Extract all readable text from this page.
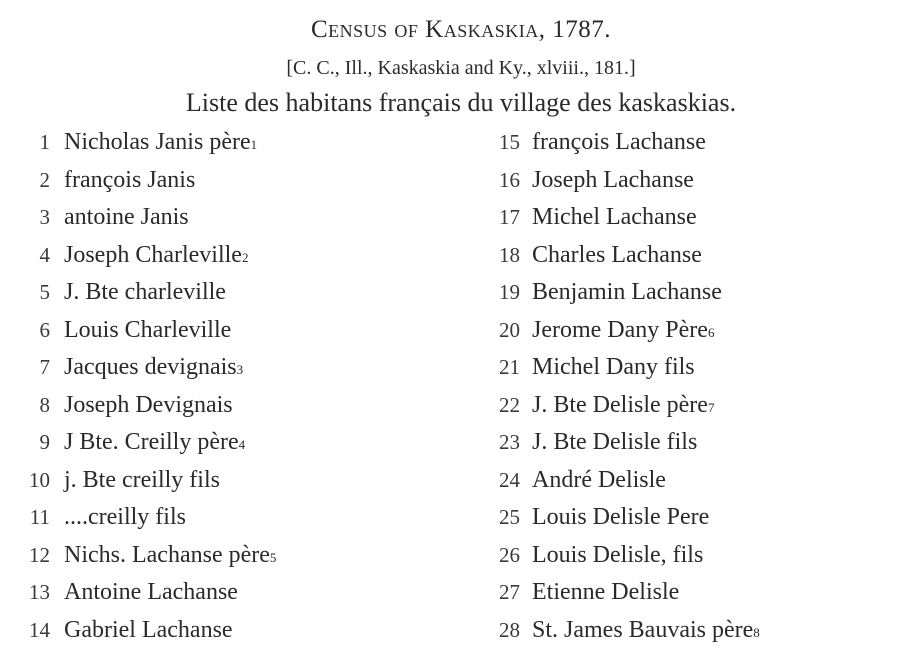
Census of Kaskaskia, 1787.
[C. C., Ill., Kaskaskia and Ky., xlviii., 181.]
Liste des habitans français du village des kaskaskias.
1 Nicholas Janis père 1
2 françois Janis
3 antoine Janis
4 Joseph Charleville 2
5 J. Bte charleville
6 Louis Charleville
7 Jacques devignais 3
8 Joseph Devignais
9 J Bte. Creilly père 4
10 j. Bte creilly fils
11 ....creilly fils
12 Nichs. Lachanse père 5
13 Antoine Lachanse
14 Gabriel Lachanse
15 françois Lachanse
16 Joseph Lachanse
17 Michel Lachanse
18 Charles Lachanse
19 Benjamin Lachanse
20 Jerome Dany Père 6
21 Michel Dany fils
22 J. Bte Delisle père 7
23 J. Bte Delisle fils
24 André Delisle
25 Louis Delisle Pere
26 Louis Delisle, fils
27 Etienne Delisle
28 St. James Bauvais père 8
